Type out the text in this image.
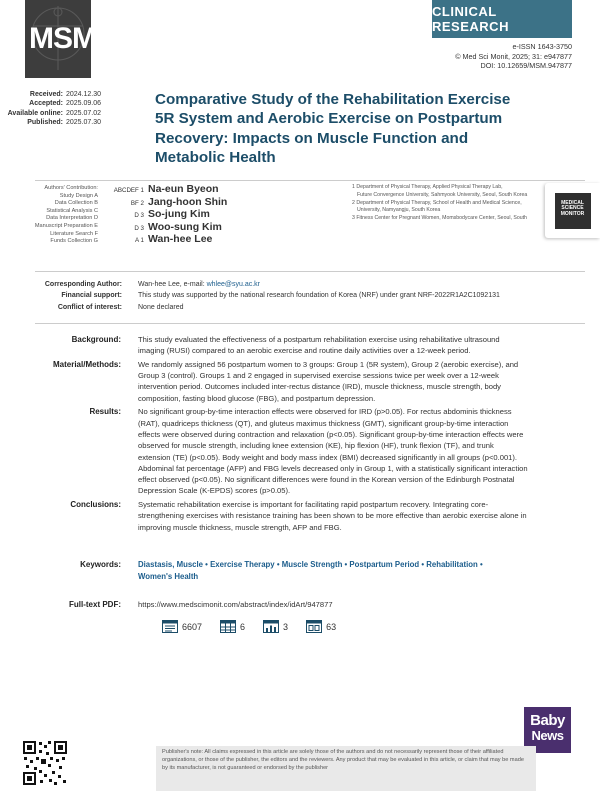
MSM
CLINICAL RESEARCH
e-ISSN 1643-3750
© Med Sci Monit, 2025; 31: e947877
DOI: 10.12659/MSM.947877
Received: 2024.12.30
Accepted: 2025.09.06
Available online: 2025.07.02
Published: 2025.07.30
Comparative Study of the Rehabilitation Exercise 5R System and Aerobic Exercise on Postpartum Recovery: Impacts on Muscle Function and Metabolic Health
Authors' Contribution:
Study Design A
Data Collection B
Statistical Analysis C
Data Interpretation D
Manuscript Preparation E
Literature Search F
Funds Collection G
ABCDEF 1 Na-eun Byeon
BF 2 Jang-hoon Shin
D 3 So-jung Kim
D 3 Woo-sung Kim
A 1 Wan-hee Lee
1 Department of Physical Therapy, Applied Physical Therapy Lab,
Future Convergence University, Sahmyook University, Seoul, South Korea
2 Department of Physical Therapy, School of Health and Medical Science,
University, Namyangju, South Korea
3 Fitness Center for Pregnant Women, Momsbodycare Center, Seoul, South
MEDICAL
SCIENCE
MONITOR
Corresponding Author:	Wan-hee Lee, e-mail: whlee@syu.ac.kr
Financial support:	This study was supported by the national research foundation of Korea (NRF) under grant NRF-2022R1A2C1092131
Conflict of interest:	None declared
Background:	This study evaluated the effectiveness of a postpartum rehabilitation exercise using rehabilitative ultrasound imaging (RUSI) compared to an aerobic exercise and routine daily activities over a 12-week period.
Material/Methods:	We randomly assigned 56 postpartum women to 3 groups: Group 1 (5R system), Group 2 (aerobic exercise), and Group 3 (control). Groups 1 and 2 engaged in supervised exercise sessions twice per week over a 12-week intervention period. Outcomes included inter-rectus distance (IRD), muscle thickness, muscle strength, body composition, fasting blood glucose (FBG), and postpartum depression.
Results:	No significant group-by-time interaction effects were observed for IRD (p>0.05). For rectus abdominis thickness (RAT), quadriceps thickness (QT), and gluteus maximus thickness (GMT), significant group-by-time interaction effects were observed during contraction and relaxation (p<0.05). Significant group-by-time interaction effects were observed for muscle strength, including knee extension (KE), hip flexion (HF), trunk flexion (TF), and trunk extension (TE) (p<0.05). Body weight and body mass index (BMI) decreased significantly in all groups (p<0.001). Abdominal fat percentage (AFP) and FBG levels decreased only in Group 1, with a statistically significant interaction effect observed (p<0.05). No significant differences were found in the Korean version of the Edinburgh Postnatal Depression Scale (K-EPDS) scores (p>0.05).
Conclusions:	Systematic rehabilitation exercise is important for facilitating rapid postpartum recovery. Integrating core-strengthening exercises with resistance training has been shown to be more effective than aerobic exercise alone in improving muscle thickness, muscle strength, AFP and FBG.
Keywords:	Diastasis, Muscle • Exercise Therapy • Muscle Strength • Postpartum Period • Rehabilitation • Women's Health
Full-text PDF:	https://www.medscimonit.com/abstract/index/idArt/947877
6607	6	3	63
Baby
News
Publisher's note: All claims expressed in this article are solely those of the authors and do not necessarily represent those of their affiliated organizations, or those of the publisher, the editors and the reviewers. Any product that may be evaluated in this article, or claim that may be made by its manufacturer, is not guaranteed or endorsed by the publisher
